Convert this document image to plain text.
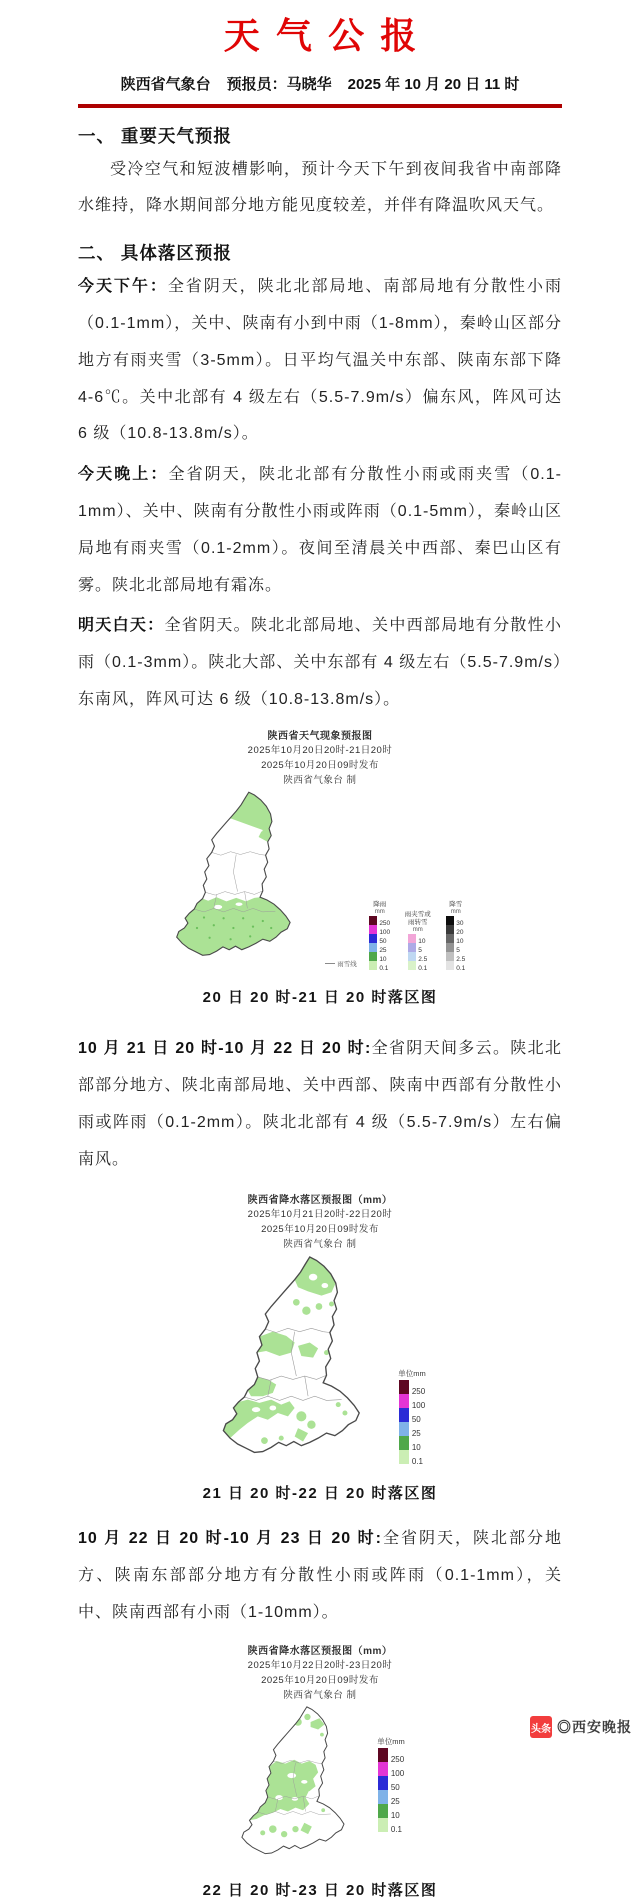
天气公报
陕西省气象台 预报员：马晓华 2025 年 10 月 20 日 11 时
一、 重要天气预报

受冷空气和短波槽影响，预计今天下午到夜间我省中南部降水维持，降水期间部分地方能见度较差，并伴有降温吹风天气。

二、 具体落区预报

今天下午：全省阴天，陕北北部局地、南部局地有分散性小雨（0.1-1mm），关中、陕南有小到中雨（1-8mm），秦岭山区部分地方有雨夹雪（3-5mm）。日平均气温关中东部、陕南东部下降4-6℃。关中北部有 4 级左右（5.5-7.9m/s）偏东风，阵风可达 6 级（10.8-13.8m/s）。

今天晚上：全省阴天，陕北北部有分散性小雨或雨夹雪（0.1-1mm）、关中、陕南有分散性小雨或阵雨（0.1-5mm），秦岭山区局地有雨夹雪（0.1-2mm）。夜间至清晨关中西部、秦巴山区有雾。陕北北部局地有霜冻。

明天白天：全省阴天。陕北北部局地、关中西部局地有分散性小雨（0.1-3mm）。陕北大部、关中东部有 4 级左右（5.5-7.9m/s）东南风，阵风可达 6 级（10.8-13.8m/s）。

陕西省天气现象预报图
2025年10月20日20时-21日20时
2025年10月20日09时发布
陕西省气象台 制
雨雪线
降雨
mm
250
100
50
25
10
0.1
雨夹雪或雨转雪
mm
10
5
2.5
0.1
降雪
mm
30
20
10
5
2.5
0.1
20 日 20 时-21 日 20 时落区图

10 月 21 日 20 时-10 月 22 日 20 时:全省阴天间多云。陕北北部部分地方、陕北南部局地、关中西部、陕南中西部有分散性小雨或阵雨（0.1-2mm）。陕北北部有 4 级（5.5-7.9m/s）左右偏南风。

陕西省降水落区预报图（mm）
2025年10月21日20时-22日20时
2025年10月20日09时发布
陕西省气象台 制
单位mm
250
100
50
25
10
0.1
21 日 20 时-22 日 20 时落区图

10 月 22 日 20 时-10 月 23 日 20 时:全省阴天，陕北部分地方、陕南东部部分地方有分散性小雨或阵雨（0.1-1mm），关中、陕南西部有小雨（1-10mm）。

陕西省降水落区预报图（mm）
2025年10月22日20时-23日20时
2025年10月20日09时发布
陕西省气象台 制
单位mm
250
100
50
25
10
0.1
22 日 20 时-23 日 20 时落区图
头条 ◎西安晚报
